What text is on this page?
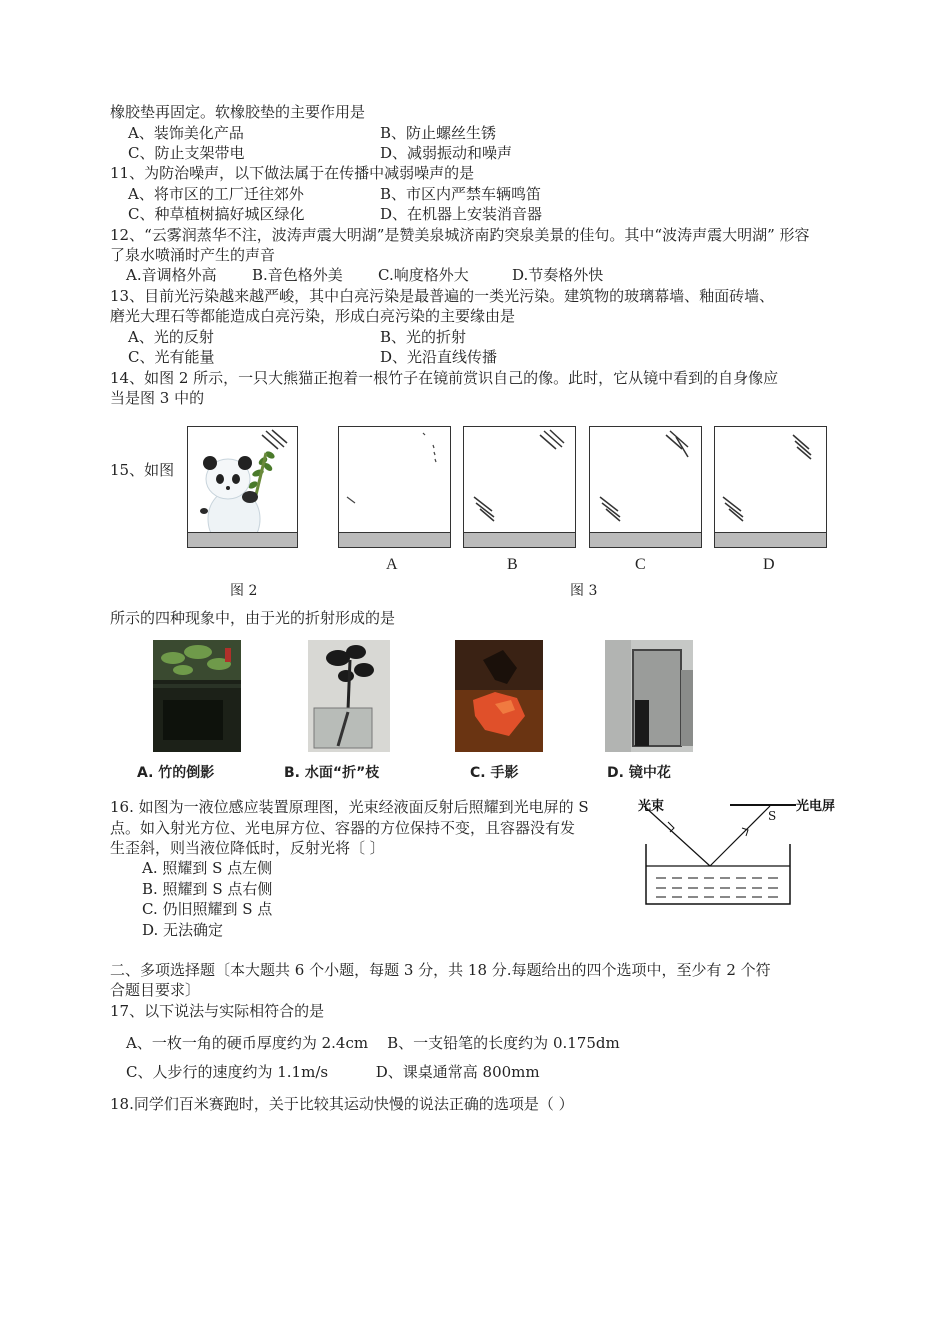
橡胶垫再固定。软橡胶垫的主要作用是
A、装饰美化产品	B、防止螺丝生锈
C、防止支架带电	D、减弱振动和噪声
11、为防治噪声，以下做法属于在传播中减弱噪声的是
A、将市区的工厂迁往郊外	B、市区内严禁车辆鸣笛
C、种草植树搞好城区绿化	D、在机器上安装消音器
12、“云雾润蒸华不注，波涛声震大明湖”是赞美泉城济南趵突泉美景的佳句。其中“波涛声震大明湖” 形容
了泉水喷涌时产生的声音
A.音调格外高 B.音色格外美 C.响度格外大	D.节奏格外快
13、目前光污染越来越严峻，其中白亮污染是最普遍的一类光污染。建筑物的玻璃幕墙、釉面砖墙、
磨光大理石等都能造成白亮污染，形成白亮污染的主要缘由是
A、光的反射	B、光的折射
C、光有能量	D、光沿直线传播
14、如图 2 所示，一只大熊猫正抱着一根竹子在镜前赏识自己的像。此时，它从镜中看到的自身像应
当是图 3 中的
15、如图
图 2
A	B	C	D
图 3
所示的四种现象中，由于光的折射形成的是
A. 竹的倒影	B. 水面“折”枝	C. 手影	D. 镜中花
16. 如图为一液位感应装置原理图，光束经液面反射后照耀到光电屏的 S
点。如入射光方位、光电屏方位、容器的方位保持不变，且容器没有发
生歪斜，则当液位降低时，反射光将〔 〕
A. 照耀到 S 点左侧
B. 照耀到 S 点右侧
C. 仍旧照耀到 S 点
D. 无法确定
光束	光电屏
S
二、多项选择题〔本大题共 6 个小题，每题 3 分，共 18 分.每题给出的四个选项中，至少有 2 个符
合题目要求〕
17、以下说法与实际相符合的是
A、一枚一角的硬币厚度约为 2.4cm    B、一支铅笔的长度约为 0.175dm
C、人步行的速度约为 1.1m/s          D、课桌通常高 800mm
18.同学们百米赛跑时，关于比较其运动快慢的说法正确的选项是（ ）
